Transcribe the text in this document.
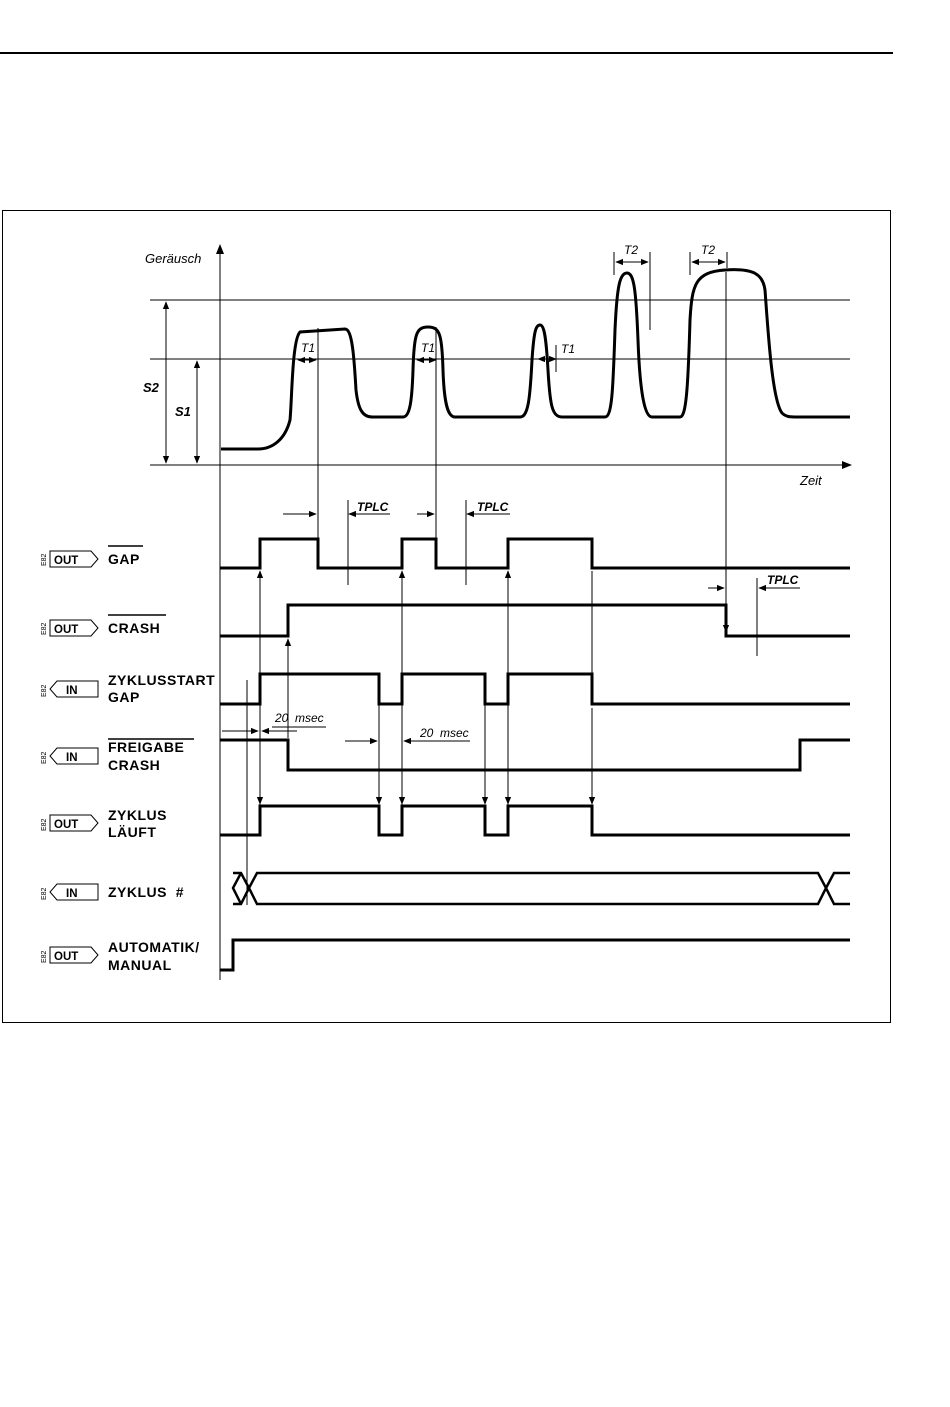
Geräusch
Zeit
S2
S1
T1	T1	T1
T2	T2
E82 OUT GAP
E82 OUT CRASH
E82 IN
ZYKLUSSTART
GAP
E82 IN
FREIGABE
CRASH
E82 OUT
ZYKLUS
LÄUFT
E82 IN ZYKLUS  #
E82 OUT
AUTOMATIK/
MANUAL
TPLC	TPLC
TPLC
20  msec
20  msec
